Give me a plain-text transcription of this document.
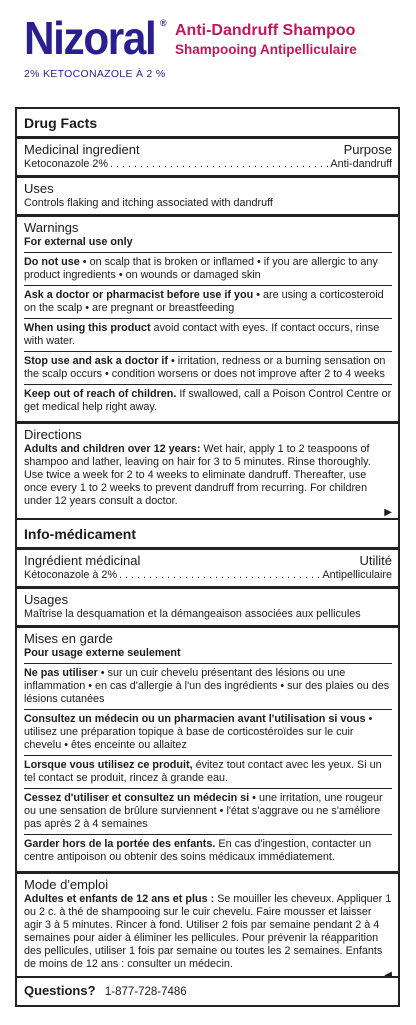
Nizoral ®
2% KETOCONAZOLE À 2 %
Anti-Dandruff Shampoo
Shampooing Antipelliculaire
Drug Facts
Medicinal ingredient	Purpose
Ketoconazole 2% . . .	Anti-dandruff
Uses

Controls flaking and itching associated with dandruff

Warnings

For external use only

Do not use • on scalp that is broken or inflamed • if you are allergic to any product ingredients • on wounds or damaged skin

Ask a doctor or pharmacist before use if you • are using a corticosteroid on the scalp • are pregnant or breastfeeding

When using this product avoid contact with eyes. If contact occurs, rinse with water.

Stop use and ask a doctor if • irritation, redness or a burning sensation on the scalp occurs • condition worsens or does not improve after 2 to 4 weeks

Keep out of reach of children. If swallowed, call a Poison Control Centre or get medical help right away.

Directions

Adults and children over 12 years: Wet hair, apply 1 to 2 teaspoons of shampoo and lather, leaving on hair for 3 to 5 minutes. Rinse thoroughly. Use twice a week for 2 to 4 weeks to eliminate dandruff. Thereafter, use once every 1 to 2 weeks to prevent dandruff from recurring. For children under 12 years consult a doctor.

▶
Info-médicament
Ingrédient médicinal	Utilité
Kétoconazole à 2% . . .	Antipelliculaire
Usages

Maîtrise la desquamation et la démangeaison associées aux pellicules

Mises en garde

Pour usage externe seulement

Ne pas utiliser • sur un cuir chevelu présentant des lésions ou une inflammation • en cas d'allergie à l'un des ingrédients • sur des plaies ou des lésions cutanées

Consultez un médecin ou un pharmacien avant l'utilisation si vous • utilisez une préparation topique à base de corticostéroïdes sur le cuir chevelu • êtes enceinte ou allaitez

Lorsque vous utilisez ce produit, évitez tout contact avec les yeux. Si un tel contact se produit, rincez à grande eau.

Cessez d'utiliser et consultez un médecin si • une irritation, une rougeur ou une sensation de brûlure surviennent • l'état s'aggrave ou ne s'améliore pas après 2 à 4 semaines

Garder hors de la portée des enfants. En cas d'ingestion, contacter un centre antipoison ou obtenir des soins médicaux immédiatement.

Mode d'emploi

Adultes et enfants de 12 ans et plus : Se mouiller les cheveux. Appliquer 1 ou 2 c. à thé de shampooing sur le cuir chevelu. Faire mousser et laisser agir 3 à 5 minutes. Rincer à fond. Utiliser 2 fois par semaine pendant 2 à 4 semaines pour aider à éliminer les pellicules. Pour prévenir la réapparition des pellicules, utiliser 1 fois par semaine ou toutes les 2 semaines. Enfants de moins de 12 ans : consulter un médecin.

Questions? 1-877-728-7486
